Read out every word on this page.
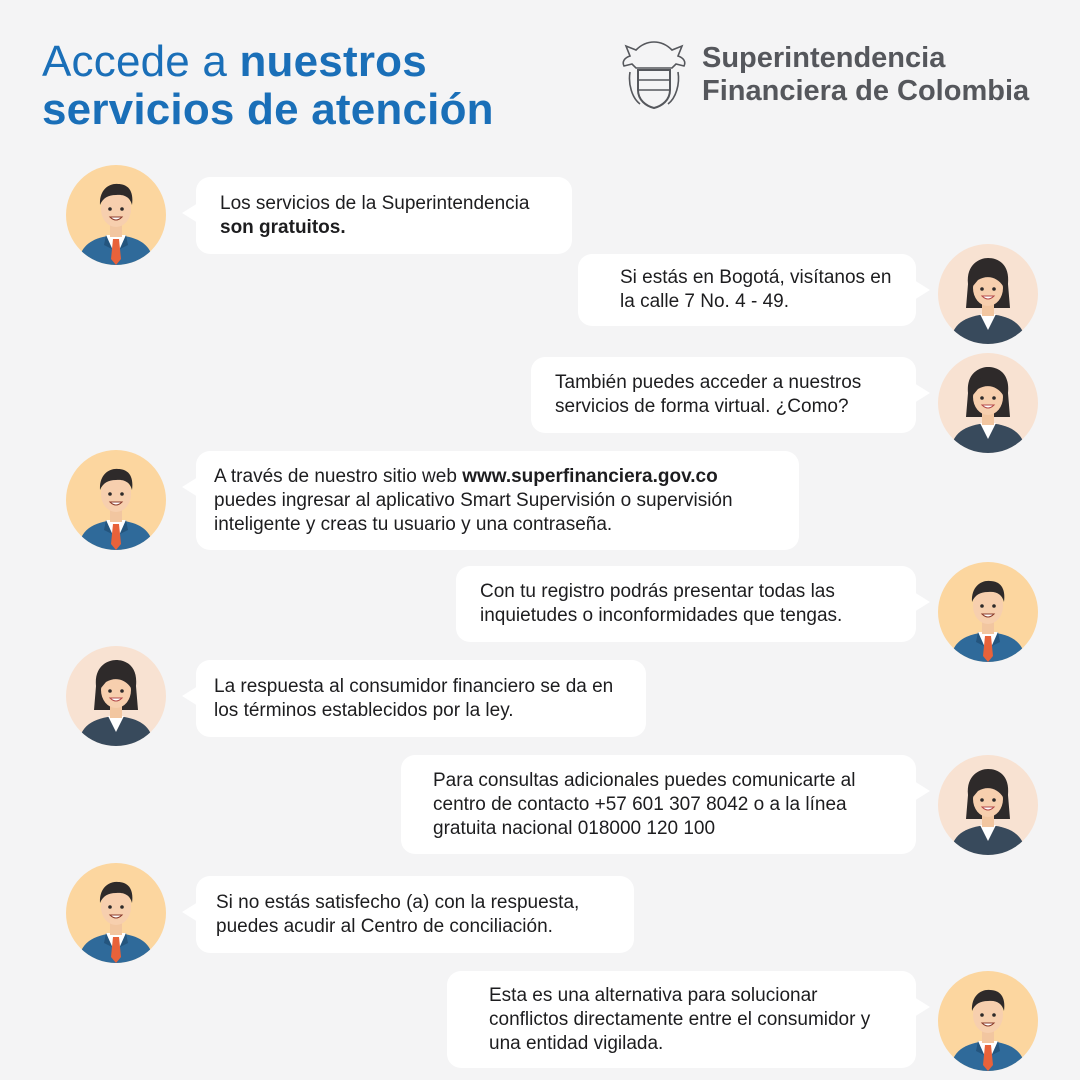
Accede a nuestros
servicios de atención
Superintendencia
Financiera de Colombia

Los servicios de la Superintendencia son gratuitos.

Si estás en Bogotá, visítanos en la calle 7 No. 4 - 49.

También puedes acceder a nuestros servicios de forma virtual. ¿Como?

A través de nuestro sitio web www.superfinanciera.gov.co puedes ingresar al aplicativo Smart Supervisión o supervisión inteligente y creas tu usuario y una contraseña.

Con tu registro podrás presentar todas las inquietudes o inconformidades que tengas.

La respuesta al consumidor financiero se da en los términos establecidos por la ley.

Para consultas adicionales puedes comunicarte al centro de contacto +57 601 307 8042 o a la línea gratuita nacional 018000 120 100

Si no estás satisfecho (a) con la respuesta, puedes acudir al Centro de conciliación.

Esta es una alternativa para solucionar conflictos directamente entre el consumidor y una entidad vigilada.
